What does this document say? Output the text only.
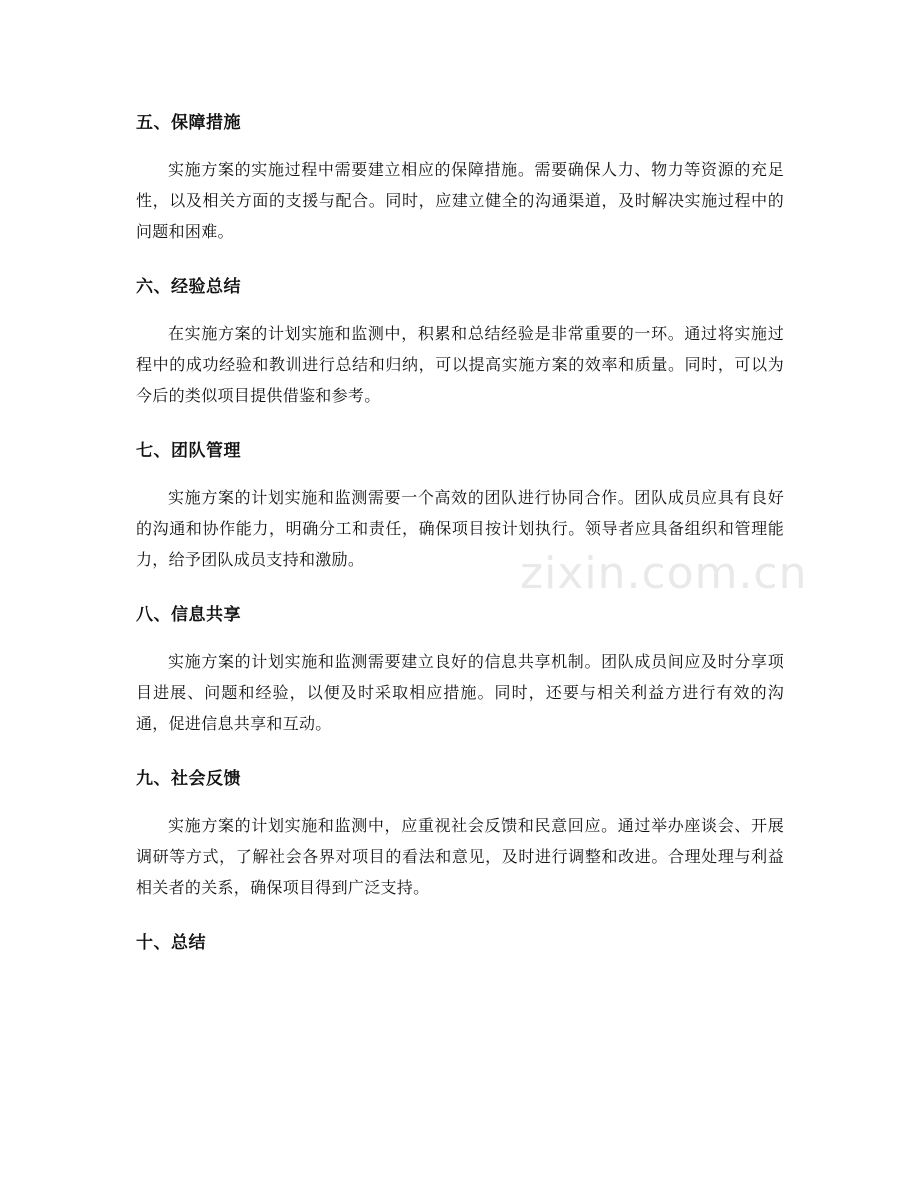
五、保障措施

实施方案的实施过程中需要建立相应的保障措施。需要确保人力、物力等资源的充足性，以及相关方面的支援与配合。同时，应建立健全的沟通渠道，及时解决实施过程中的问题和困难。

六、经验总结

在实施方案的计划实施和监测中，积累和总结经验是非常重要的一环。通过将实施过程中的成功经验和教训进行总结和归纳，可以提高实施方案的效率和质量。同时，可以为今后的类似项目提供借鉴和参考。

七、团队管理

实施方案的计划实施和监测需要一个高效的团队进行协同合作。团队成员应具有良好的沟通和协作能力，明确分工和责任，确保项目按计划执行。领导者应具备组织和管理能力，给予团队成员支持和激励。

八、信息共享

实施方案的计划实施和监测需要建立良好的信息共享机制。团队成员间应及时分享项目进展、问题和经验，以便及时采取相应措施。同时，还要与相关利益方进行有效的沟通，促进信息共享和互动。

九、社会反馈

实施方案的计划实施和监测中，应重视社会反馈和民意回应。通过举办座谈会、开展调研等方式，了解社会各界对项目的看法和意见，及时进行调整和改进。合理处理与利益相关者的关系，确保项目得到广泛支持。

十、总结
zixin.com.cn
